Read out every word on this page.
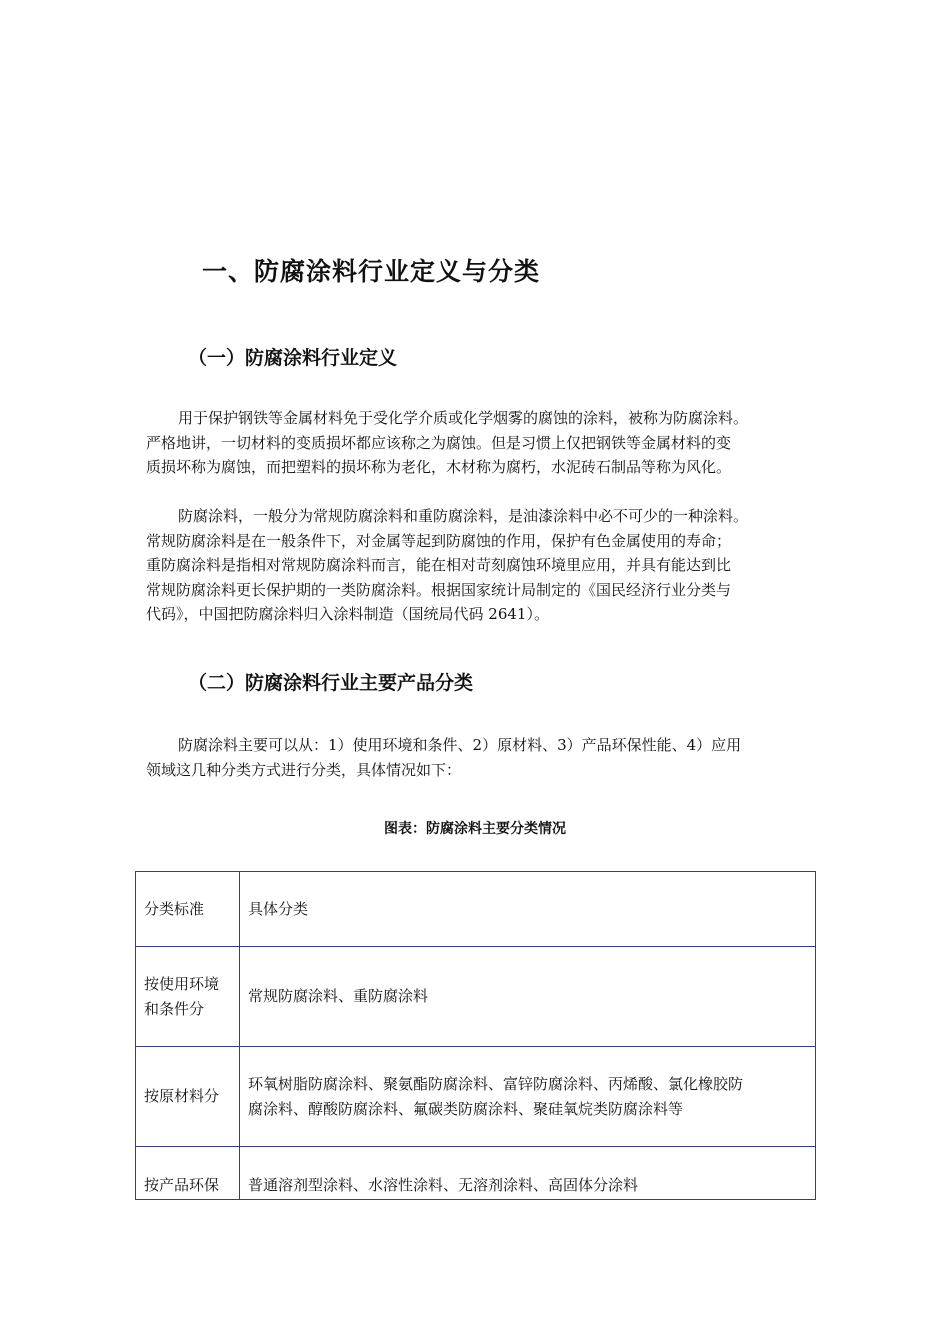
一、防腐涂料行业定义与分类
（一）防腐涂料行业定义

用于保护钢铁等金属材料免于受化学介质或化学烟雾的腐蚀的涂料，被称为防腐涂料。
严格地讲，一切材料的变质损坏都应该称之为腐蚀。但是习惯上仅把钢铁等金属材料的变
质损坏称为腐蚀，而把塑料的损坏称为老化，木材称为腐朽，水泥砖石制品等称为风化。

防腐涂料，一般分为常规防腐涂料和重防腐涂料，是油漆涂料中必不可少的一种涂料。
常规防腐涂料是在一般条件下，对金属等起到防腐蚀的作用，保护有色金属使用的寿命；
重防腐涂料是指相对常规防腐涂料而言，能在相对苛刻腐蚀环境里应用，并具有能达到比
常规防腐涂料更长保护期的一类防腐涂料。根据国家统计局制定的《国民经济行业分类与
代码》，中国把防腐涂料归入涂料制造（国统局代码 2641）。

（二）防腐涂料行业主要产品分类

防腐涂料主要可以从：1）使用环境和条件、2）原材料、3）产品环保性能、4）应用
领域这几种分类方式进行分类，具体情况如下：

图表：防腐涂料主要分类情况
分类标准	具体分类
按使用环境
和条件分	常规防腐涂料、重防腐涂料
按原材料分	环氧树脂防腐涂料、聚氨酯防腐涂料、富锌防腐涂料、丙烯酸、氯化橡胶防
腐涂料、醇酸防腐涂料、氟碳类防腐涂料、聚硅氧烷类防腐涂料等
按产品环保	普通溶剂型涂料、水溶性涂料、无溶剂涂料、高固体分涂料
